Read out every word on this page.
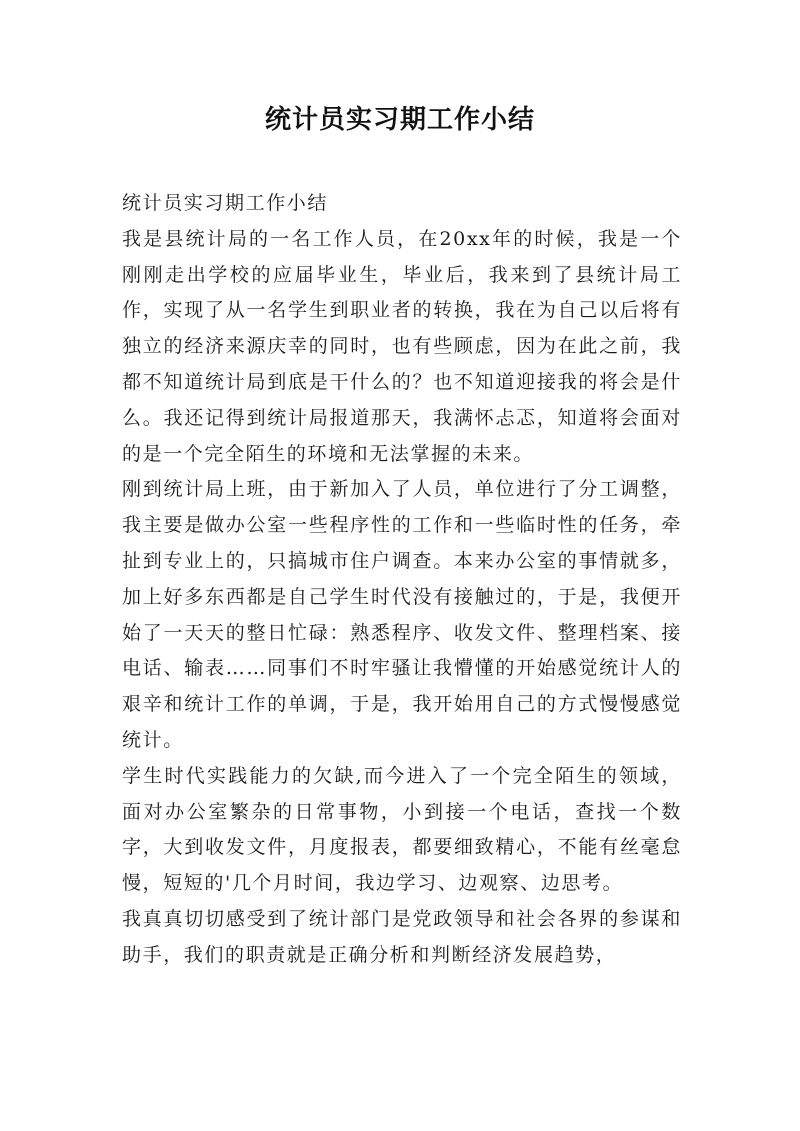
统计员实习期工作小结

统计员实习期工作小结

我是县统计局的一名工作人员，在20xx年的时候，我是一个刚刚走出学校的应届毕业生，毕业后，我来到了县统计局工作，实现了从一名学生到职业者的转换，我在为自己以后将有独立的经济来源庆幸的同时，也有些顾虑，因为在此之前，我都不知道统计局到底是干什么的？也不知道迎接我的将会是什么。我还记得到统计局报道那天，我满怀忐忑，知道将会面对的是一个完全陌生的环境和无法掌握的未来。

刚到统计局上班，由于新加入了人员，单位进行了分工调整，我主要是做办公室一些程序性的工作和一些临时性的任务，牵扯到专业上的，只搞城市住户调查。本来办公室的事情就多，加上好多东西都是自己学生时代没有接触过的，于是，我便开始了一天天的整日忙碌：熟悉程序、收发文件、整理档案、接电话、输表……同事们不时牢骚让我懵懂的开始感觉统计人的艰辛和统计工作的单调，于是，我开始用自己的方式慢慢感觉统计。

学生时代实践能力的欠缺,而今进入了一个完全陌生的领域，面对办公室繁杂的日常事物，小到接一个电话，查找一个数字，大到收发文件，月度报表，都要细致精心，不能有丝毫怠慢，短短的'几个月时间，我边学习、边观察、边思考。

我真真切切感受到了统计部门是党政领导和社会各界的参谋和助手，我们的职责就是正确分析和判断经济发展趋势，
